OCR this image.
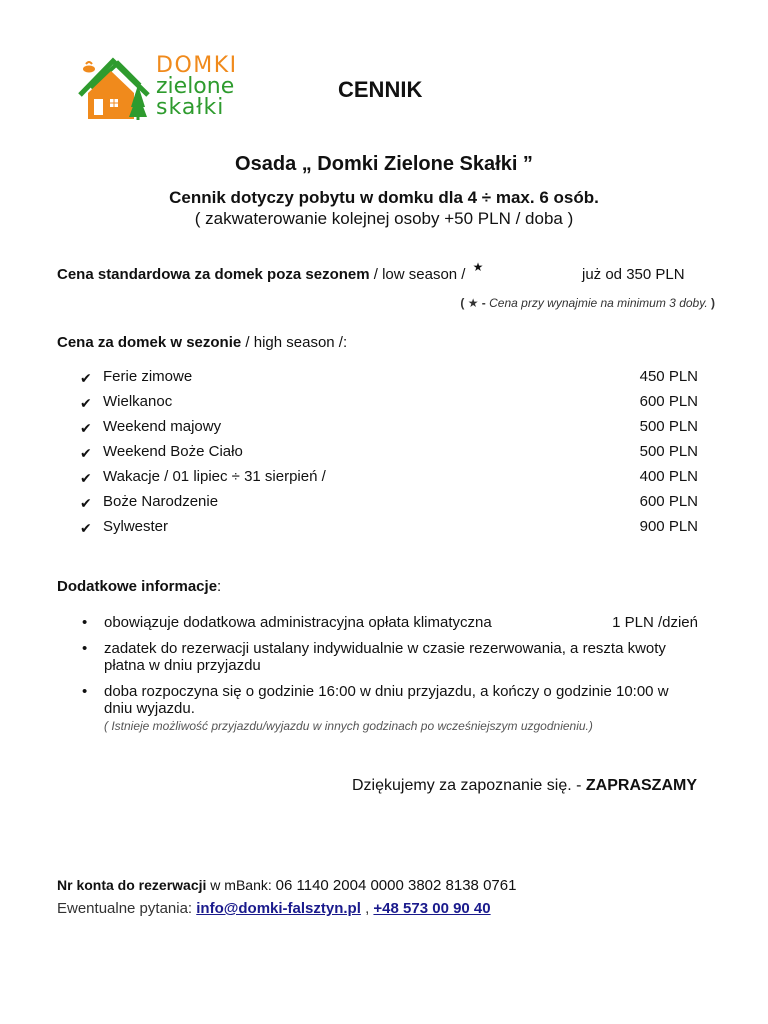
DOMKI
zielone
skałki
CENNIK
Osada „ Domki Zielone Skałki ”
Cennik dotyczy pobytu w domku dla 4 ÷ max. 6 osób.
( zakwaterowanie kolejnej osoby +50 PLN / doba )
Cena standardowa za domek poza sezonem / low season / ★	już od 350 PLN
( ★ - Cena przy wynajmie na minimum 3 doby. )
Cena za domek w sezonie / high season /:
✔ Ferie zimowe	450 PLN
✔ Wielkanoc	600 PLN
✔ Weekend majowy	500 PLN
✔ Weekend Boże Ciało	500 PLN
✔ Wakacje / 01 lipiec ÷ 31 sierpień /	400 PLN
✔ Boże Narodzenie	600 PLN
✔ Sylwester	900 PLN
Dodatkowe informacje:
• obowiązuje dodatkowa administracyjna opłata klimatyczna	1 PLN /dzień
• zadatek do rezerwacji ustalany indywidualnie w czasie rezerwowania, a reszta kwoty płatna w dniu przyjazdu
• doba rozpoczyna się o godzinie 16:00 w dniu przyjazdu, a kończy o godzinie 10:00 w dniu wyjazdu.
( Istnieje możliwość przyjazdu/wyjazdu w innych godzinach po wcześniejszym uzgodnieniu.)
Dziękujemy za zapoznanie się. - ZAPRASZAMY
Nr konta do rezerwacji w mBank: 06 1140 2004 0000 3802 8138 0761
Ewentualne pytania: info@domki-falsztyn.pl , +48 573 00 90 40
